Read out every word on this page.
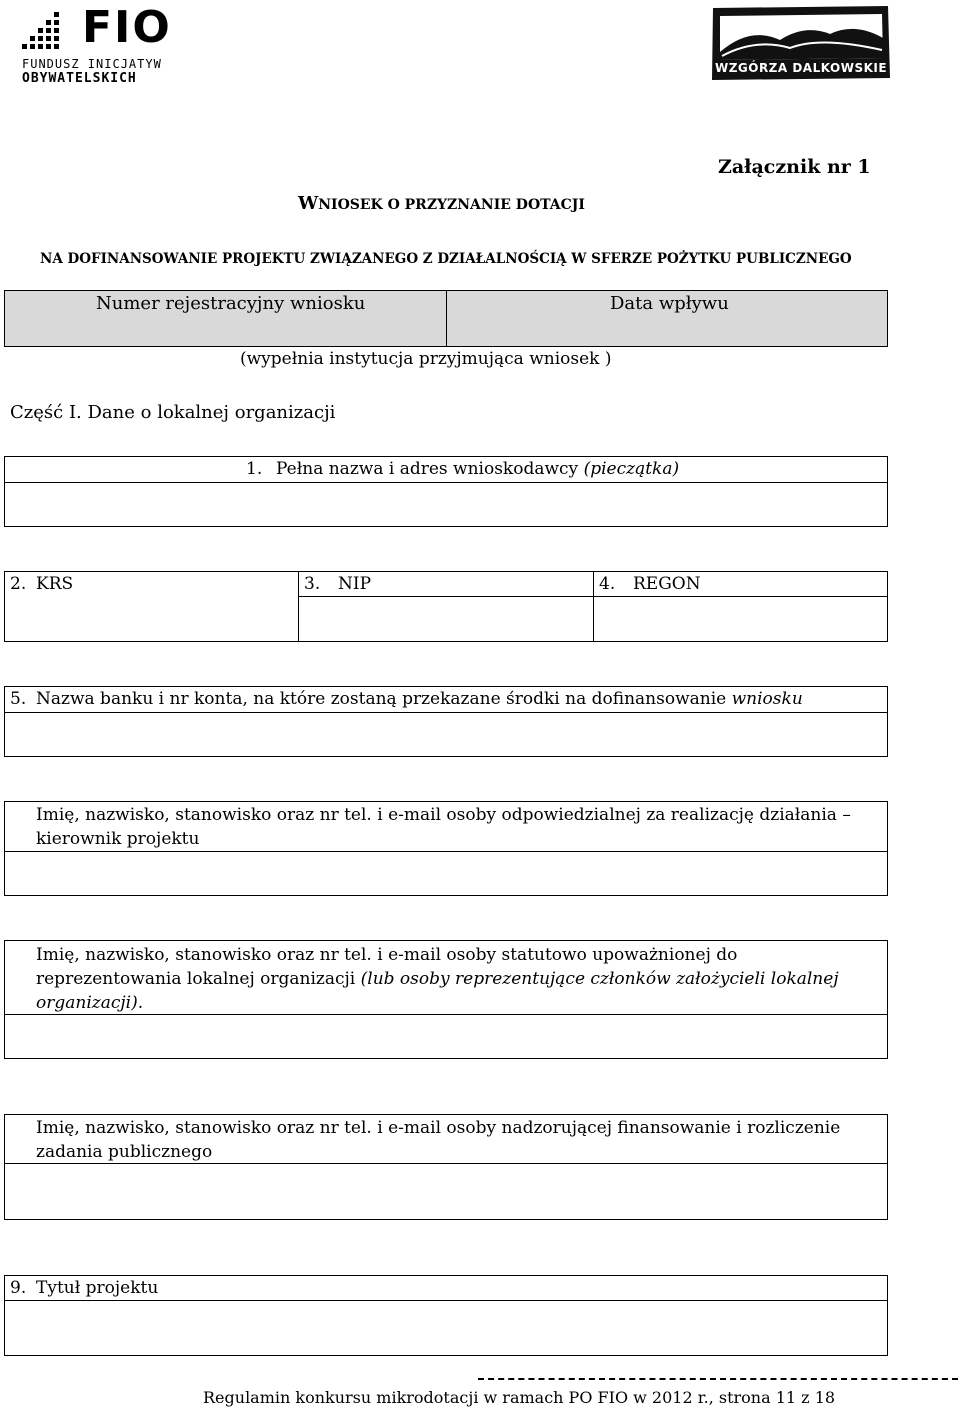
FIO
FUNDUSZ INICJATYW
OBYWATELSKICH
WZGÓRZA DALKOWSKIE
Załącznik nr 1
WNIOSEK O PRZYZNANIE DOTACJI
NA DOFINANSOWANIE PROJEKTU ZWIĄZANEGO Z DZIAŁALNOŚCIĄ W SFERZE POŻYTKU PUBLICZNEGO
Numer rejestracyjny wniosku	Data wpływu
(wypełnia instytucja przyjmująca wniosek )
Część I. Dane o lokalnej organizacji
1. Pełna nazwa i adres wnioskodawcy (pieczątka)
2. KRS	3. NIP	4. REGON
5. Nazwa banku i nr konta, na które zostaną przekazane środki na dofinansowanie wniosku
Imię, nazwisko, stanowisko oraz nr tel. i e-mail osoby odpowiedzialnej za realizację działania – kierownik projektu
Imię, nazwisko, stanowisko oraz nr tel. i e-mail osoby statutowo upoważnionej do reprezentowania lokalnej organizacji (lub osoby reprezentujące członków założycieli lokalnej organizacji).
Imię, nazwisko, stanowisko oraz nr tel. i e-mail osoby nadzorującej finansowanie i rozliczenie zadania publicznego
9. Tytuł projektu
Regulamin konkursu mikrodotacji w ramach PO FIO w 2012 r., strona 11 z 18
